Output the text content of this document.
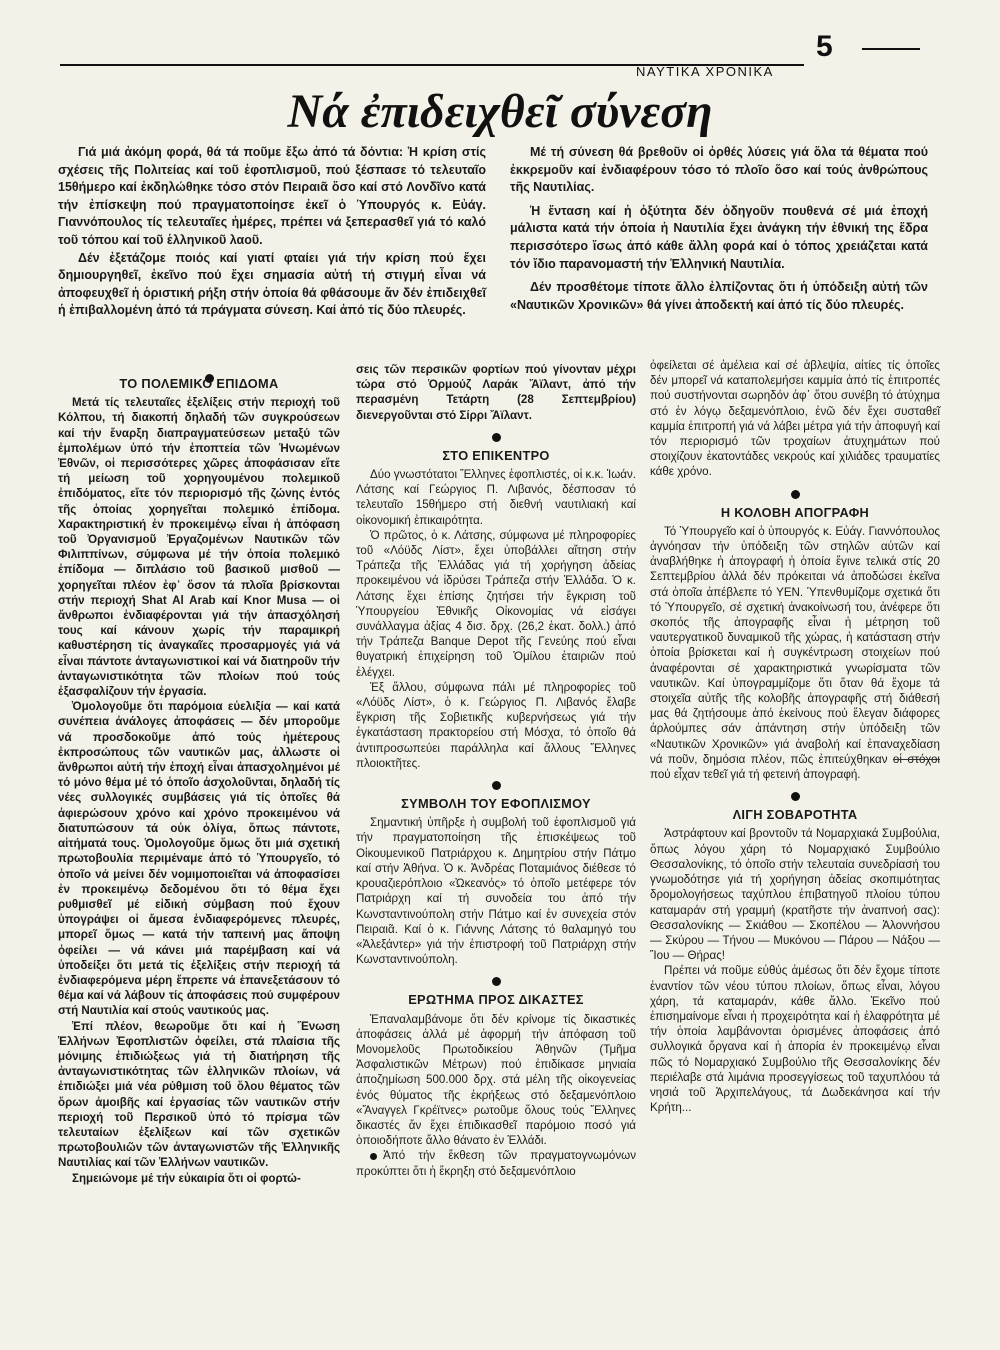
ΝΑΥΤΙΚΑ ΧΡΟΝΙΚΑ
5
Νά ἐπιδειχθεῖ σύνεση

Γιά μιά ἀκόμη φορά, θά τά ποῦμε ἔξω ἀπό τά δόντια: Ἡ κρίση στίς σχέσεις τῆς Πολιτείας καί τοῦ ἐφοπλισμοῦ, πού ξέσπασε τό τελευταῖο 15θήμερο καί ἐκδηλώθηκε τόσο στόν Πειραιᾶ ὅσο καί στό Λονδῖνο κατά τήν ἐπίσκεψη πού πραγματοποίησε ἐκεῖ ὁ Ὑπουργός κ. Εὐάγ. Γιαννόπουλος τίς τελευταῖες ἡμέρες, πρέπει νά ξεπερασθεῖ γιά τό καλό τοῦ τόπου καί τοῦ ἑλληνικοῦ λαοῦ.

Δέν ἐξετάζομε ποιός καί γιατί φταίει γιά τήν κρίση πού ἔχει δημιουργηθεῖ, ἐκεῖνο πού ἔχει σημασία αὐτή τή στιγμή εἶναι νά ἀποφευχθεῖ ἡ ὁριστική ρήξη στήν ὁποία θά φθάσουμε ἄν δέν ἐπιδειχθεῖ ἡ ἐπιβαλλομένη ἀπό τά πράγματα σύνεση. Καί ἀπό τίς δύο πλευρές.

Μέ τή σύνεση θά βρεθοῦν οἱ ὀρθές λύσεις γιά ὅλα τά θέματα πού ἐκκρεμοῦν καί ἐνδιαφέρουν τόσο τό πλοῖο ὅσο καί τούς ἀνθρώπους τῆς Ναυτιλίας.

Ἡ ἔνταση καί ἡ ὀξύτητα δέν ὁδηγοῦν πουθενά σέ μιά ἐποχή μάλιστα κατά τήν ὁποία ἡ Ναυτιλία ἔχει ἀνάγκη τήν ἐθνική της ἕδρα περισσότερο ἴσως ἀπό κάθε ἄλλη φορά καί ὁ τόπος χρειάζεται κατά τόν ἴδιο παρανομαστή τήν Ἑλληνική Ναυτιλία.

Δέν προσθέτομε τίποτε ἄλλο ἐλπίζοντας ὅτι ἡ ὑπόδειξη αὐτή τῶν «Ναυτικῶν Χρονικῶν» θά γίνει ἀποδεκτή καί ἀπό τίς δύο πλευρές.

ΤΟ ΠΟΛΕΜΙΚΟ ΕΠΙΔΟΜΑ

Μετά τίς τελευταῖες ἐξελίξεις στήν περιοχή τοῦ Κόλπου, τή διακοπή δηλαδή τῶν συγκρούσεων καί τήν ἔναρξη διαπραγματεύσεων μεταξύ τῶν ἐμπολέμων ὑπό τήν ἐποπτεία τῶν Ἡνωμένων Ἐθνῶν, οἱ περισσότερες χῶρες ἀποφάσισαν εἴτε τή μείωση τοῦ χορηγουμένου πολεμικοῦ ἐπιδόματος, εἴτε τόν περιορισμό τῆς ζώνης ἐντός τῆς ὁποίας χορηγεῖται πολεμικό ἐπίδομα. Χαρακτηριστική ἐν προκειμένῳ εἶναι ἡ ἀπόφαση τοῦ Ὀργανισμοῦ Ἐργαζομένων Ναυτικῶν τῶν Φιλιππίνων, σύμφωνα μέ τήν ὁποία πολεμικό ἐπίδομα — διπλάσιο τοῦ βασικοῦ μισθοῦ — χορηγεῖται πλέον ἐφ᾽ ὅσον τά πλοῖα βρίσκονται στήν περιοχή Shat Al Arab καί Knor Musa — οἱ ἄνθρωποι ἐνδιαφέρονται γιά τήν ἀπασχόλησή τους καί κάνουν χωρίς τήν παραμικρή καθυστέρηση τίς ἀναγκαῖες προσαρμογές γιά νά εἶναι πάντοτε ἀνταγωνιστικοί καί νά διατηροῦν τήν ἀνταγωνιστικότητα τῶν πλοίων πού τούς ἐξασφαλίζουν τήν ἐργασία.

Ὁμολογοῦμε ὅτι παρόμοια εὐελιξία — καί κατά συνέπεια ἀνάλογες ἀποφάσεις — δέν μποροῦμε νά προσδοκοῦμε ἀπό τούς ἡμέτερους ἐκπροσώπους τῶν ναυτικῶν μας, ἀλλωστε οἱ ἄνθρωποι αὐτή τήν ἐποχή εἶναι ἀπασχολημένοι μέ τό μόνο θέμα μέ τό ὁποῖο ἀσχολοῦνται, δηλαδή τίς νέες συλλογικές συμβάσεις γιά τίς ὁποῖες θά ἀφιερώσουν χρόνο καί χρόνο προκειμένου νά διατυπώσουν τά οὐκ ὀλίγα, ὅπως πάντοτε, αἰτήματά τους. Ὁμολογοῦμε ὅμως ὅτι μιά σχετική πρωτοβουλία περιμέναμε ἀπό τό Ὑπουργεῖο, τό ὁποῖο νά μείνει δέν νομιμοποιεῖται νά ἀποφασίσει ἐν προκειμένῳ δεδομένου ὅτι τό θέμα ἔχει ρυθμισθεῖ μέ εἰδική σύμβαση πού ἔχουν ὑπογράψει οἱ ἄμεσα ἐνδιαφερόμενες πλευρές, μπορεῖ ὅμως — κατά τήν ταπεινή μας ἄποψη ὀφείλει — νά κάνει μιά παρέμβαση καί νά ὑποδείξει ὅτι μετά τίς ἐξελίξεις στήν περιοχή τά ἐνδιαφερόμενα μέρη ἔπρεπε νά ἐπανεξετάσουν τό θέμα καί νά λάβουν τίς ἀποφάσεις πού συμφέρουν στή Ναυτιλία καί στούς ναυτικούς μας.

Ἐπί πλέον, θεωροῦμε ὅτι καί ἡ Ἕνωση Ἑλλήνων Ἐφοπλιστῶν ὀφείλει, στά πλαίσια τῆς μόνιμης ἐπιδιώξεως γιά τή διατήρηση τῆς ἀνταγωνιστικότητας τῶν ἑλληνικῶν πλοίων, νά ἐπιδιώξει μιά νέα ρύθμιση τοῦ ὅλου θέματος τῶν ὅρων ἀμοιβῆς καί ἐργασίας τῶν ναυτικῶν στήν περιοχή τοῦ Περσικοῦ ὑπό τό πρίσμα τῶν τελευταίων ἐξελίξεων καί τῶν σχετικῶν πρωτοβουλιῶν τῶν ἀνταγωνιστῶν τῆς Ἑλληνικῆς Ναυτιλίας καί τῶν Ἑλλήνων ναυτικῶν.

Σημειώνομε μέ τήν εὐκαιρία ὅτι οἱ φορτώ-

σεις τῶν περσικῶν φορτίων πού γίνονταν μέχρι τώρα στό Ὁρμούζ Λαράκ Ἄϊλαντ, ἀπό τήν περασμένη Τετάρτη (28 Σεπτεμβρίου) διενεργοῦνται στό Σίρρι Ἄϊλαντ.

ΣΤΟ ΕΠΙΚΕΝΤΡΟ

Δύο γνωστότατοι Ἕλληνες ἐφοπλιστές, οἱ κ.κ. Ἰωάν. Λάτσης καί Γεώργιος Π. Λιβανός, δέσποσαν τό τελευταῖο 15θήμερο στή διεθνή ναυτιλιακή καί οἰκονομική ἐπικαιρότητα.

Ὁ πρῶτος, ὁ κ. Λάτσης, σύμφωνα μέ πληροφορίες τοῦ «Λόϋδς Λίστ», ἔχει ὑποβάλλει αἴτηση στήν Τράπεζα τῆς Ἑλλάδας γιά τή χορήγηση ἀδείας προκειμένου νά ἱδρύσει Τράπεζα στήν Ἑλλάδα. Ὁ κ. Λάτσης ἔχει ἐπίσης ζητήσει τήν ἔγκριση τοῦ Ὑπουργείου Ἐθνικῆς Οἰκονομίας νά εἰσάγει συνάλλαγμα ἀξίας 4 δισ. δρχ. (26,2 ἑκατ. δολλ.) ἀπό τήν Τράπεζα Banque Depot τῆς Γενεύης πού εἶναι θυγατρική ἐπιχείρηση τοῦ Ὁμίλου ἑταιριῶν πού ἐλέγχει.

Ἐξ ἄλλου, σύμφωνα πάλι μέ πληροφορίες τοῦ «Λόϋδς Λίστ», ὁ κ. Γεώργιος Π. Λιβανός ἔλαβε ἔγκριση τῆς Σοβιετικῆς κυβερνήσεως γιά τήν ἐγκατάσταση πρακτορείου στή Μόσχα, τό ὁποῖο θά ἀντιπροσωπεύει παράλληλα καί ἄλλους Ἕλληνες πλοιοκτῆτες.

ΣΥΜΒΟΛΗ ΤΟΥ ΕΦΟΠΛΙΣΜΟΥ

Σημαντική ὑπῆρξε ἡ συμβολή τοῦ ἐφοπλισμοῦ γιά τήν πραγματοποίηση τῆς ἐπισκέψεως τοῦ Οἰκουμενικοῦ Πατριάρχου κ. Δημητρίου στήν Πάτμο καί στήν Ἀθήνα. Ὁ κ. Ἀνδρέας Ποταμιάνος διέθεσε τό κρουαζιερόπλοιο «Ὠκεανός» τό ὁποῖο μετέφερε τόν Πατριάρχη καί τή συνοδεία του ἀπό τήν Κωνσταντινούπολη στήν Πάτμο καί ἐν συνεχεία στόν Πειραιᾶ. Καί ὁ κ. Γιάννης Λάτσης τό θαλαμηγό του «Ἀλεξάντερ» γιά τήν ἐπιστροφή τοῦ Πατριάρχη στήν Κωνσταντινούπολη.

ΕΡΩΤΗΜΑ ΠΡΟΣ ΔΙΚΑΣΤΕΣ

Ἐπαναλαμβάνομε ὅτι δέν κρίνομε τίς δικαστικές ἀποφάσεις ἀλλά μέ ἀφορμή τήν ἀπόφαση τοῦ Μονομελοῦς Πρωτοδικείου Ἀθηνῶν (Τμῆμα Ἀσφαλιστικῶν Μέτρων) πού ἐπιδίκασε μηνιαία ἀποζημίωση 500.000 δρχ. στά μέλη τῆς οἰκογενείας ἑνός θύματος τῆς ἐκρήξεως στό δεξαμενόπλοιο «Ἄναγγελ Γκρέϊτνες» ρωτοῦμε ὅλους τούς Ἕλληνες δικαστές ἄν ἔχει ἐπιδικασθεῖ παρόμοιο ποσό γιά ὁποιοδήποτε ἄλλο θάνατο ἐν Ἑλλάδι.

Ἀπό τήν ἔκθεση τῶν πραγματογνωμόνων προκύπτει ὅτι ἡ ἔκρηξη στό δεξαμενόπλοιο

ὀφείλεται σέ ἀμέλεια καί σέ ἀβλεψία, αἰτίες τίς ὁποῖες δέν μπορεῖ νά καταπολεμήσει καμμία ἀπό τίς ἐπιτροπές πού συστήνονται σωρηδόν ἀφ᾽ ὅτου συνέβη τό ἀτύχημα στό ἐν λόγῳ δεξαμενόπλοιο, ἐνῶ δέν ἔχει συσταθεῖ καμμία ἐπιτροπή γιά νά λάβει μέτρα γιά τήν ἀποφυγή καί τόν περιορισμό τῶν τροχαίων ἀτυχημάτων πού στοιχίζουν ἑκατοντάδες νεκρούς καί χιλιάδες τραυματίες κάθε χρόνο.

Η ΚΟΛΟΒΗ ΑΠΟΓΡΑΦΗ

Τό Ὑπουργεῖο καί ὁ ὑπουργός κ. Εὐάγ. Γιαννόπουλος ἀγνόησαν τήν ὑπόδειξη τῶν στηλῶν αὐτῶν καί ἀναβλήθηκε ἡ ἀπογραφή ἡ ὁποία ἔγινε τελικά στίς 20 Σεπτεμβρίου ἀλλά δέν πρόκειται νά ἀποδώσει ἐκεῖνα στά ὁποῖα ἀπέβλεπε τό ΥΕΝ. Ὑπενθυμίζομε σχετικά ὅτι τό Ὑπουργεῖο, σέ σχετική ἀνακοίνωσή του, ἀνέφερε ὅτι σκοπός τῆς ἀπογραφῆς εἶναι ἡ μέτρηση τοῦ ναυτεργατικοῦ δυναμικοῦ τῆς χώρας, ἡ κατάσταση στήν ὁποία βρίσκεται καί ἡ συγκέντρωση στοιχείων πού ἀναφέρονται σέ χαρακτηριστικά γνωρίσματα τῶν ναυτικῶν. Καί ὑπογραμμίζομε ὅτι ὅταν θά ἔχομε τά στοιχεῖα αὐτῆς τῆς κολοβῆς ἀπογραφῆς στή διάθεσή μας θά ζητήσουμε ἀπό ἐκείνους πού ἔλεγαν διάφορες ἀρλούμπες σάν ἀπάντηση στήν ὑπόδειξη τῶν «Ναυτικῶν Χρονικῶν» γιά ἀναβολή καί ἐπαναχεδίαση νά ποῦν, δημόσια πλέον, πῶς ἐπιτεύχθηκαν οἱ στόχοι πού εἶχαν τεθεῖ γιά τή φετεινή ἀπογραφή.

ΛΙΓΗ ΣΟΒΑΡΟΤΗΤΑ

Ἀστράφτουν καί βροντοῦν τά Νομαρχιακά Συμβούλια, ὅπως λόγου χάρη τό Νομαρχιακό Συμβούλιο Θεσσαλονίκης, τό ὁποῖο στήν τελευταία συνεδρίασή του γνωμοδότησε γιά τή χορήγηση ἀδείας σκοπιμότητας δρομολογήσεως ταχύπλου ἐπιβατηγοῦ πλοίου τύπου καταμαράν στή γραμμή (κρατῆστε τήν ἀναπνοή σας): Θεσσαλονίκης — Σκιάθου — Σκοπέλου — Ἀλοννήσου — Σκύρου — Τήνου — Μυκόνου — Πάρου — Νάξου — Ἴου — Θήρας!

Πρέπει νά ποῦμε εὐθύς ἀμέσως ὅτι δέν ἔχομε τίποτε ἐναντίον τῶν νέου τύπου πλοίων, ὅπως εἶναι, λόγου χάρη, τά καταμαράν, κάθε ἄλλο. Ἐκεῖνο πού ἐπισημαίνομε εἶναι ἡ προχειρότητα καί ἡ ἐλαφρότητα μέ τήν ὁποία λαμβάνονται ὁρισμένες ἀποφάσεις ἀπό συλλογικά ὄργανα καί ἡ ἀπορία ἐν προκειμένῳ εἶναι πῶς τό Νομαρχιακό Συμβούλιο τῆς Θεσσαλονίκης δέν περιέλαβε στά λιμάνια προσεγγίσεως τοῦ ταχυπλόου τά νησιά τοῦ Ἀρχιπελάγους, τά Δωδεκάνησα καί τήν Κρήτη...
